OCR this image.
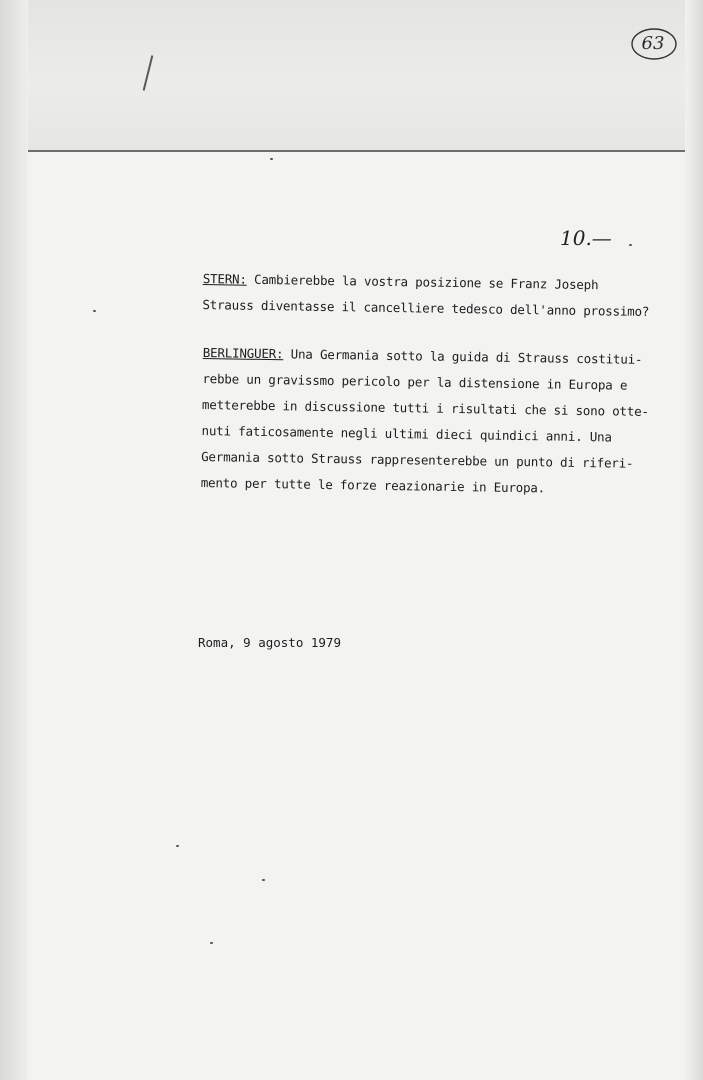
63
10.—
STERN: Cambierebbe la vostra posizione se Franz Joseph
Strauss diventasse il cancelliere tedesco dell'anno prossimo?
BERLINGUER: Una Germania sotto la guida di Strauss costitui-
rebbe un gravissmo pericolo per la distensione in Europa e
metterebbe in discussione tutti i risultati che si sono otte-
nuti faticosamente negli ultimi dieci quindici anni. Una
Germania sotto Strauss rappresenterebbe un punto di riferi-
mento per tutte le forze reazionarie in Europa.
Roma, 9 agosto 1979
